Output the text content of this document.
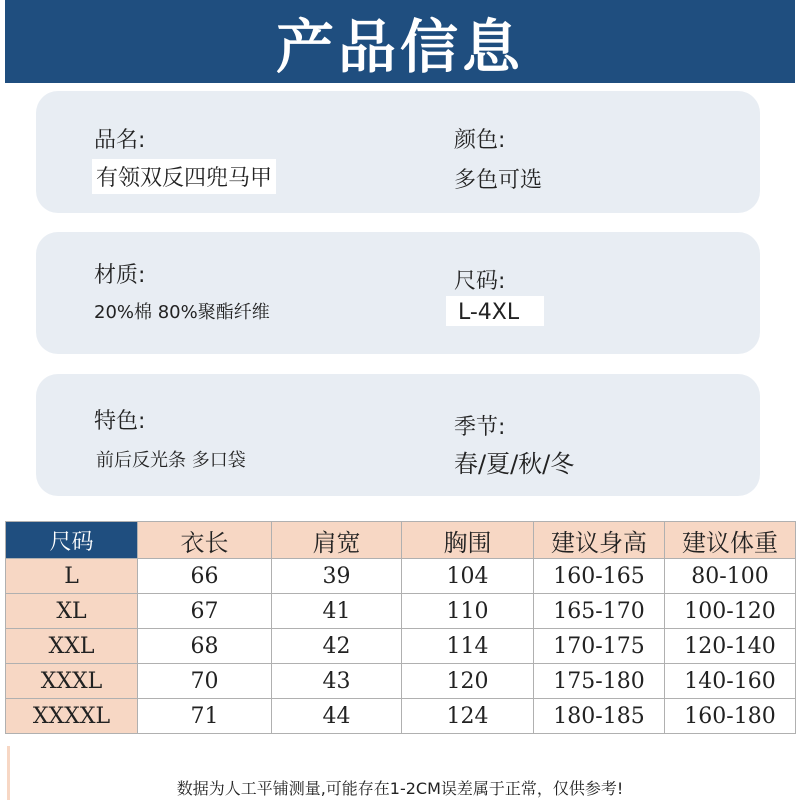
产品信息
品名:
有领双反四兜马甲
颜色:
多色可选
材质:
20%棉 80%聚酯纤维
尺码:
L-4XL
特色:
前后反光条 多口袋
季节:
春/夏/秋/冬
尺码	衣长	肩宽	胸围	建议身高	建议体重
L	66	39	104	160-165	80-100
XL	67	41	110	165-170	100-120
XXL	68	42	114	170-175	120-140
XXXL	70	43	120	175-180	140-160
XXXXL	71	44	124	180-185	160-180
数据为人工平铺测量,可能存在1-2CM误差属于正常，仅供参考!
